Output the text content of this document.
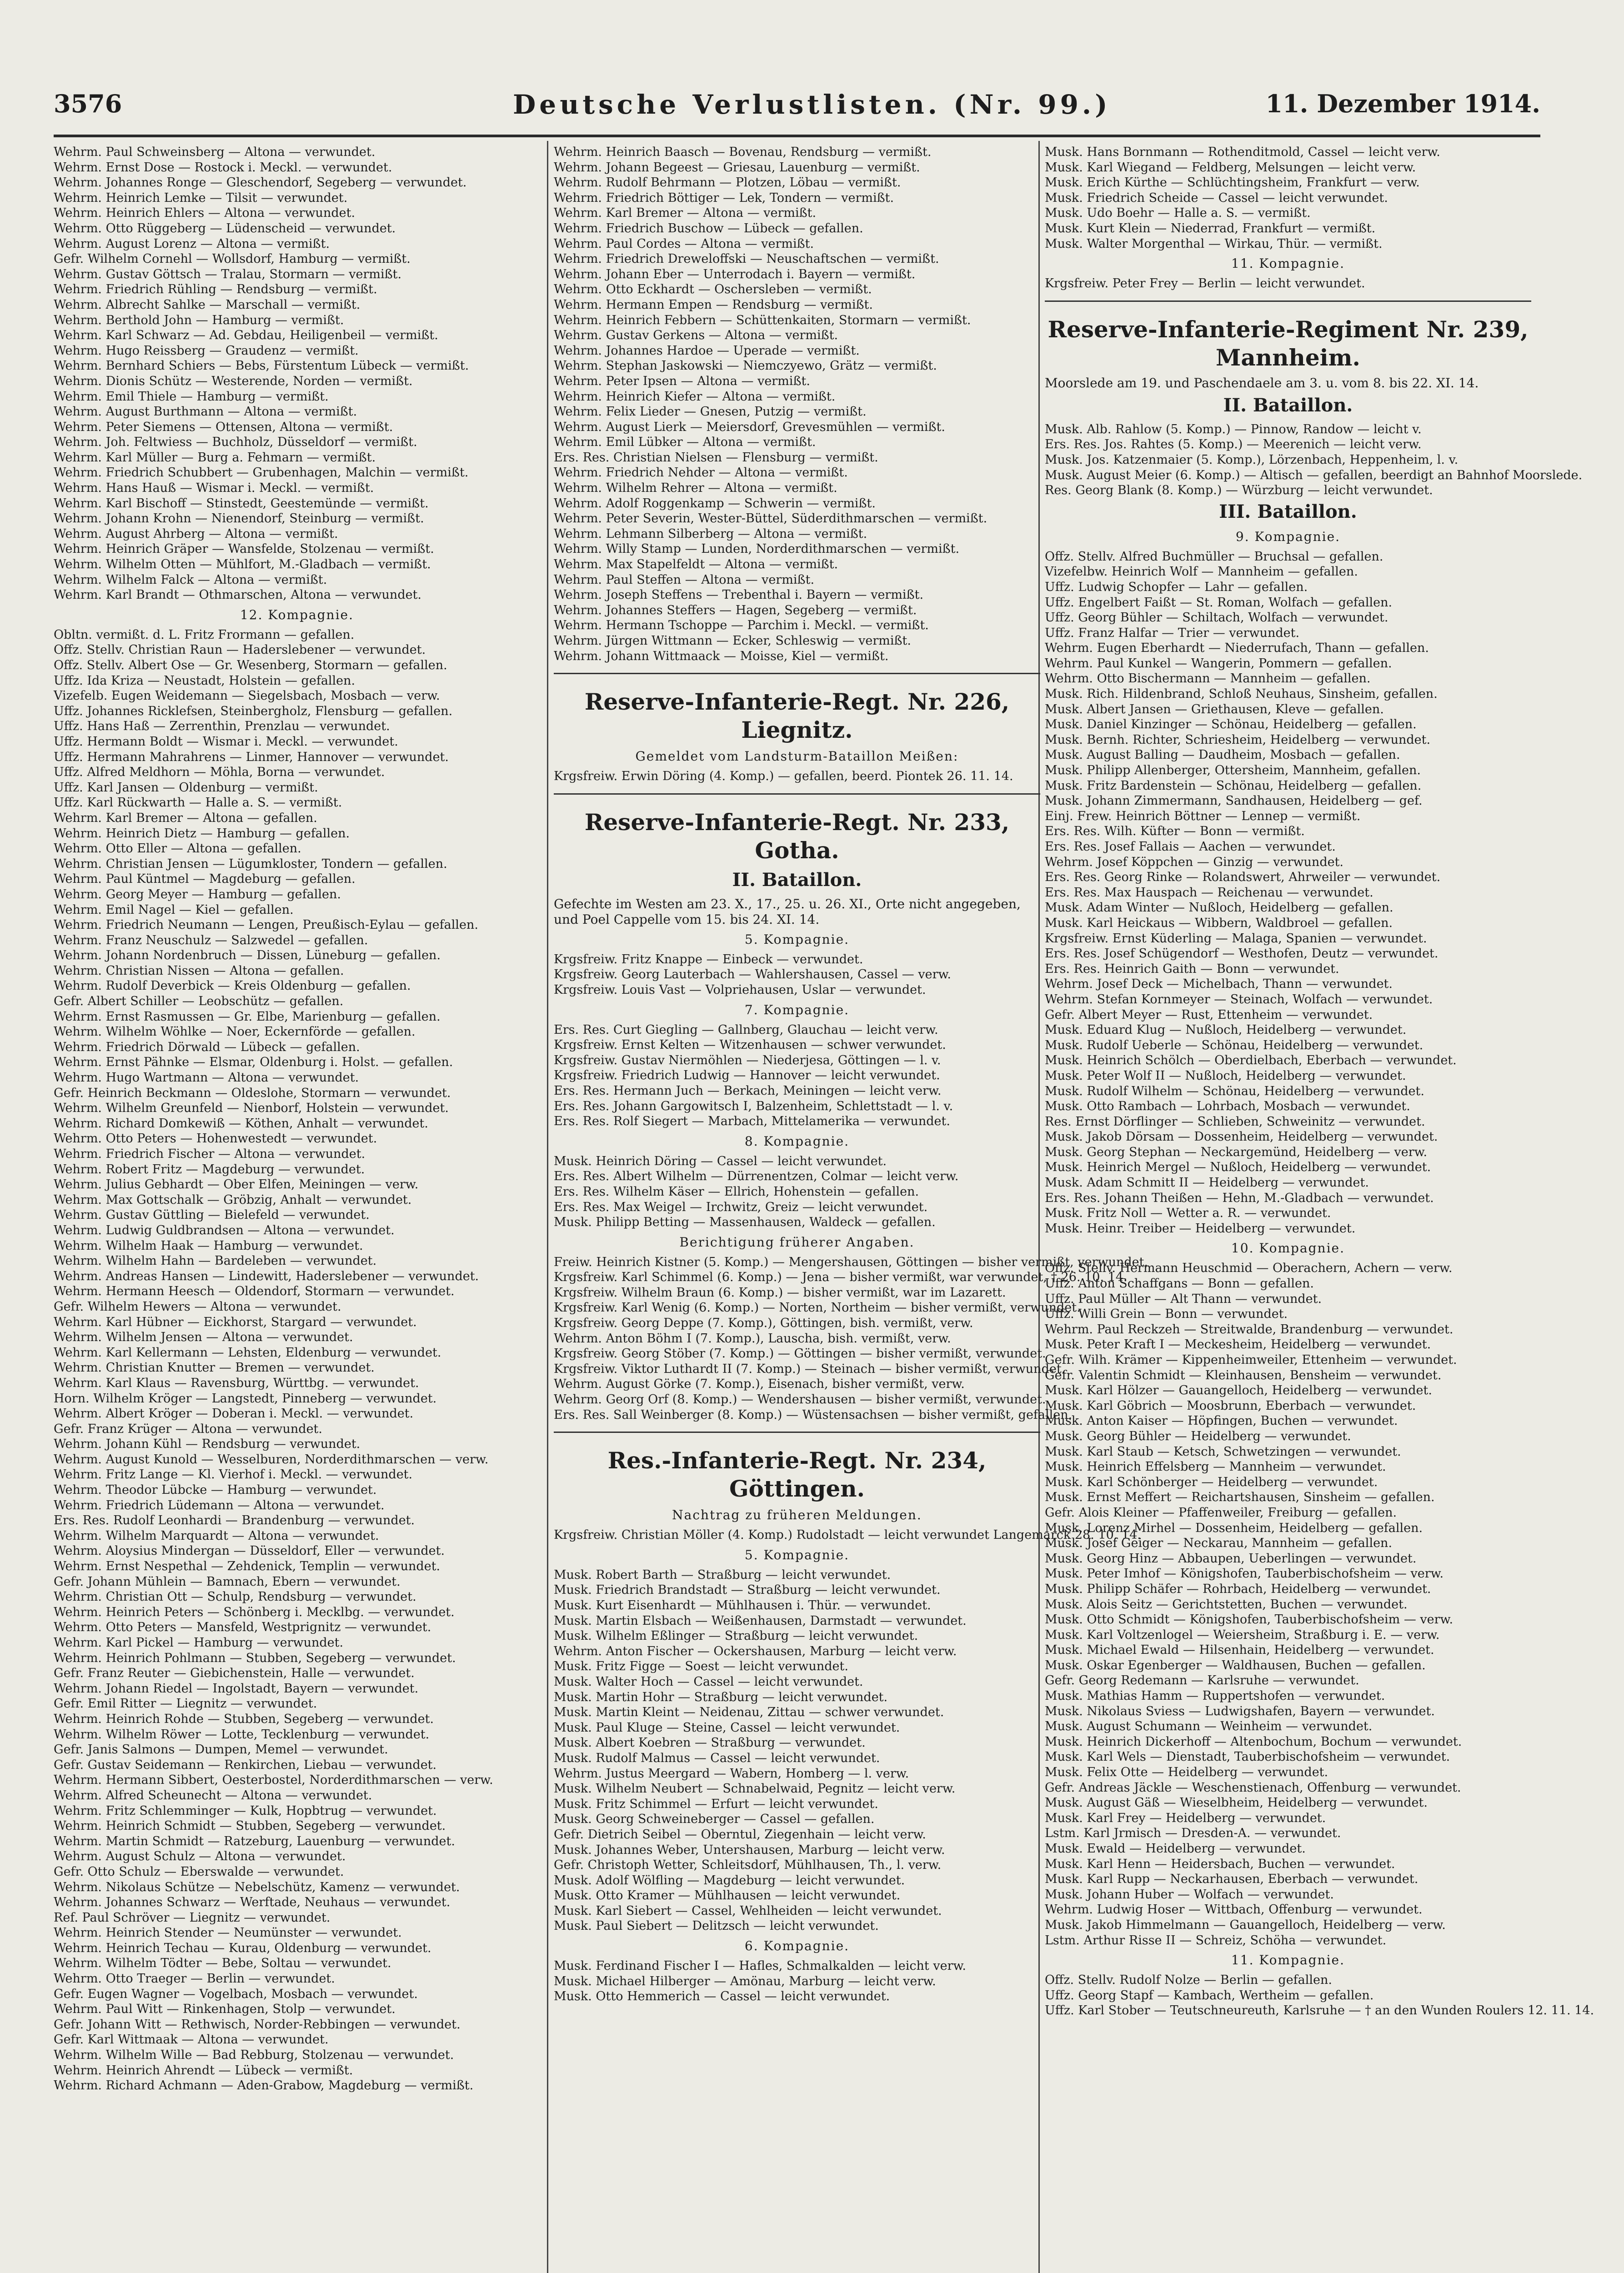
3576	Deutsche Verlustlisten. (Nr. 99.)	11. Dezember 1914.
Wehrm. Paul Schweinsberg — Altona — verwundet.
Wehrm. Ernst Dose — Rostock i. Meckl. — verwundet.
Wehrm. Johannes Ronge — Gleschendorf, Segeberg — verwundet.
Wehrm. Heinrich Lemke — Tilsit — verwundet.
Wehrm. Heinrich Ehlers — Altona — verwundet.
Wehrm. Otto Rüggeberg — Lüdenscheid — verwundet.
Wehrm. August Lorenz — Altona — vermißt.
Gefr. Wilhelm Cornehl — Wollsdorf, Hamburg — vermißt.
Wehrm. Gustav Göttsch — Tralau, Stormarn — vermißt.
Wehrm. Friedrich Rühling — Rendsburg — vermißt.
Wehrm. Albrecht Sahlke — Marschall — vermißt.
Wehrm. Berthold John — Hamburg — vermißt.
Wehrm. Karl Schwarz — Ad. Gebdau, Heiligenbeil — vermißt.
Wehrm. Hugo Reissberg — Graudenz — vermißt.
Wehrm. Bernhard Schiers — Bebs, Fürstentum Lübeck — vermißt.
Wehrm. Dionis Schütz — Westerende, Norden — vermißt.
Wehrm. Emil Thiele — Hamburg — vermißt.
Wehrm. August Burthmann — Altona — vermißt.
Wehrm. Peter Siemens — Ottensen, Altona — vermißt.
Wehrm. Joh. Feltwiess — Buchholz, Düsseldorf — vermißt.
Wehrm. Karl Müller — Burg a. Fehmarn — vermißt.
Wehrm. Friedrich Schubbert — Grubenhagen, Malchin — vermißt.
Wehrm. Hans Hauß — Wismar i. Meckl. — vermißt.
Wehrm. Karl Bischoff — Stinstedt, Geestemünde — vermißt.
Wehrm. Johann Krohn — Nienendorf, Steinburg — vermißt.
Wehrm. August Ahrberg — Altona — vermißt.
Wehrm. Heinrich Gräper — Wansfelde, Stolzenau — vermißt.
Wehrm. Wilhelm Otten — Mühlfort, M.-Gladbach — vermißt.
Wehrm. Wilhelm Falck — Altona — vermißt.
Wehrm. Karl Brandt — Othmarschen, Altona — verwundet.
12. Kompagnie.
Obltn. vermißt. d. L. Fritz Frormann — gefallen.
Offz. Stellv. Christian Raun — Haderslebener — verwundet.
Offz. Stellv. Albert Ose — Gr. Wesenberg, Stormarn — gefallen.
Uffz. Ida Kriza — Neustadt, Holstein — gefallen.
Vizefelb. Eugen Weidemann — Siegelsbach, Mosbach — verw.
Uffz. Johannes Ricklefsen, Steinbergholz, Flensburg — gefallen.
Uffz. Hans Haß — Zerrenthin, Prenzlau — verwundet.
Uffz. Hermann Boldt — Wismar i. Meckl. — verwundet.
Uffz. Hermann Mahrahrens — Linmer, Hannover — verwundet.
Uffz. Alfred Meldhorn — Möhla, Borna — verwundet.
Uffz. Karl Jansen — Oldenburg — vermißt.
Uffz. Karl Rückwarth — Halle a. S. — vermißt.
Wehrm. Karl Bremer — Altona — gefallen.
Wehrm. Heinrich Dietz — Hamburg — gefallen.
Wehrm. Otto Eller — Altona — gefallen.
Wehrm. Christian Jensen — Lügumkloster, Tondern — gefallen.
Wehrm. Paul Küntmel — Magdeburg — gefallen.
Wehrm. Georg Meyer — Hamburg — gefallen.
Wehrm. Emil Nagel — Kiel — gefallen.
Wehrm. Friedrich Neumann — Lengen, Preußisch-Eylau — gefallen.
Wehrm. Franz Neuschulz — Salzwedel — gefallen.
Wehrm. Johann Nordenbruch — Dissen, Lüneburg — gefallen.
Wehrm. Christian Nissen — Altona — gefallen.
Wehrm. Rudolf Deverbick — Kreis Oldenburg — gefallen.
Gefr. Albert Schiller — Leobschütz — gefallen.
Wehrm. Ernst Rasmussen — Gr. Elbe, Marienburg — gefallen.
Wehrm. Wilhelm Wöhlke — Noer, Eckernförde — gefallen.
Wehrm. Friedrich Dörwald — Lübeck — gefallen.
Wehrm. Ernst Pähnke — Elsmar, Oldenburg i. Holst. — gefallen.
Wehrm. Hugo Wartmann — Altona — verwundet.
Gefr. Heinrich Beckmann — Oldeslohe, Stormarn — verwundet.
Wehrm. Wilhelm Greunfeld — Nienborf, Holstein — verwundet.
Wehrm. Richard Domkewiß — Köthen, Anhalt — verwundet.
Wehrm. Otto Peters — Hohenwestedt — verwundet.
Wehrm. Friedrich Fischer — Altona — verwundet.
Wehrm. Robert Fritz — Magdeburg — verwundet.
Wehrm. Julius Gebhardt — Ober Elfen, Meiningen — verw.
Wehrm. Max Gottschalk — Gröbzig, Anhalt — verwundet.
Wehrm. Gustav Güttling — Bielefeld — verwundet.
Wehrm. Ludwig Guldbrandsen — Altona — verwundet.
Wehrm. Wilhelm Haak — Hamburg — verwundet.
Wehrm. Wilhelm Hahn — Bardeleben — verwundet.
Wehrm. Andreas Hansen — Lindewitt, Haderslebener — verwundet.
Wehrm. Hermann Heesch — Oldendorf, Stormarn — verwundet.
Gefr. Wilhelm Hewers — Altona — verwundet.
Wehrm. Karl Hübner — Eickhorst, Stargard — verwundet.
Wehrm. Wilhelm Jensen — Altona — verwundet.
Wehrm. Karl Kellermann — Lehsten, Eldenburg — verwundet.
Wehrm. Christian Knutter — Bremen — verwundet.
Wehrm. Karl Klaus — Ravensburg, Württbg. — verwundet.
Horn. Wilhelm Kröger — Langstedt, Pinneberg — verwundet.
Wehrm. Albert Kröger — Doberan i. Meckl. — verwundet.
Gefr. Franz Krüger — Altona — verwundet.
Wehrm. Johann Kühl — Rendsburg — verwundet.
Wehrm. August Kunold — Wesselburen, Norderdithmarschen — verw.
Wehrm. Fritz Lange — Kl. Vierhof i. Meckl. — verwundet.
Wehrm. Theodor Lübcke — Hamburg — verwundet.
Wehrm. Friedrich Lüdemann — Altona — verwundet.
Ers. Res. Rudolf Leonhardi — Brandenburg — verwundet.
Wehrm. Wilhelm Marquardt — Altona — verwundet.
Wehrm. Aloysius Mindergan — Düsseldorf, Eller — verwundet.
Wehrm. Ernst Nespethal — Zehdenick, Templin — verwundet.
Gefr. Johann Mühlein — Bamnach, Ebern — verwundet.
Wehrm. Christian Ott — Schulp, Rendsburg — verwundet.
Wehrm. Heinrich Peters — Schönberg i. Mecklbg. — verwundet.
Wehrm. Otto Peters — Mansfeld, Westprignitz — verwundet.
Wehrm. Karl Pickel — Hamburg — verwundet.
Wehrm. Heinrich Pohlmann — Stubben, Segeberg — verwundet.
Gefr. Franz Reuter — Giebichenstein, Halle — verwundet.
Wehrm. Johann Riedel — Ingolstadt, Bayern — verwundet.
Gefr. Emil Ritter — Liegnitz — verwundet.
Wehrm. Heinrich Rohde — Stubben, Segeberg — verwundet.
Wehrm. Wilhelm Röwer — Lotte, Tecklenburg — verwundet.
Gefr. Janis Salmons — Dumpen, Memel — verwundet.
Gefr. Gustav Seidemann — Renkirchen, Liebau — verwundet.
Wehrm. Hermann Sibbert, Oesterbostel, Norderdithmarschen — verw.
Wehrm. Alfred Scheunecht — Altona — verwundet.
Wehrm. Fritz Schlemminger — Kulk, Hopbtrug — verwundet.
Wehrm. Heinrich Schmidt — Stubben, Segeberg — verwundet.
Wehrm. Martin Schmidt — Ratzeburg, Lauenburg — verwundet.
Wehrm. August Schulz — Altona — verwundet.
Gefr. Otto Schulz — Eberswalde — verwundet.
Wehrm. Nikolaus Schütze — Nebelschütz, Kamenz — verwundet.
Wehrm. Johannes Schwarz — Werftade, Neuhaus — verwundet.
Ref. Paul Schröver — Liegnitz — verwundet.
Wehrm. Heinrich Stender — Neumünster — verwundet.
Wehrm. Heinrich Techau — Kurau, Oldenburg — verwundet.
Wehrm. Wilhelm Tödter — Bebe, Soltau — verwundet.
Wehrm. Otto Traeger — Berlin — verwundet.
Gefr. Eugen Wagner — Vogelbach, Mosbach — verwundet.
Wehrm. Paul Witt — Rinkenhagen, Stolp — verwundet.
Gefr. Johann Witt — Rethwisch, Norder-Rebbingen — verwundet.
Gefr. Karl Wittmaak — Altona — verwundet.
Wehrm. Wilhelm Wille — Bad Rebburg, Stolzenau — verwundet.
Wehrm. Heinrich Ahrendt — Lübeck — vermißt.
Wehrm. Richard Achmann — Aden-Grabow, Magdeburg — vermißt.
Wehrm. Heinrich Baasch — Bovenau, Rendsburg — vermißt.
Wehrm. Johann Begeest — Griesau, Lauenburg — vermißt.
Wehrm. Rudolf Behrmann — Plotzen, Löbau — vermißt.
Wehrm. Friedrich Böttiger — Lek, Tondern — vermißt.
Wehrm. Karl Bremer — Altona — vermißt.
Wehrm. Friedrich Buschow — Lübeck — gefallen.
Wehrm. Paul Cordes — Altona — vermißt.
Wehrm. Friedrich Dreweloffski — Neuschaftschen — vermißt.
Wehrm. Johann Eber — Unterrodach i. Bayern — vermißt.
Wehrm. Otto Eckhardt — Oschersleben — vermißt.
Wehrm. Hermann Empen — Rendsburg — vermißt.
Wehrm. Heinrich Febbern — Schüttenkaiten, Stormarn — vermißt.
Wehrm. Gustav Gerkens — Altona — vermißt.
Wehrm. Johannes Hardoe — Uperade — vermißt.
Wehrm. Stephan Jaskowski — Niemczyewo, Grätz — vermißt.
Wehrm. Peter Ipsen — Altona — vermißt.
Wehrm. Heinrich Kiefer — Altona — vermißt.
Wehrm. Felix Lieder — Gnesen, Putzig — vermißt.
Wehrm. August Lierk — Meiersdorf, Grevesmühlen — vermißt.
Wehrm. Emil Lübker — Altona — vermißt.
Ers. Res. Christian Nielsen — Flensburg — vermißt.
Wehrm. Friedrich Nehder — Altona — vermißt.
Wehrm. Wilhelm Rehrer — Altona — vermißt.
Wehrm. Adolf Roggenkamp — Schwerin — vermißt.
Wehrm. Peter Severin, Wester-Büttel, Süderdithmarschen — vermißt.
Wehrm. Lehmann Silberberg — Altona — vermißt.
Wehrm. Willy Stamp — Lunden, Norderdithmarschen — vermißt.
Wehrm. Max Stapelfeldt — Altona — vermißt.
Wehrm. Paul Steffen — Altona — vermißt.
Wehrm. Joseph Steffens — Trebenthal i. Bayern — vermißt.
Wehrm. Johannes Steffers — Hagen, Segeberg — vermißt.
Wehrm. Hermann Tschoppe — Parchim i. Meckl. — vermißt.
Wehrm. Jürgen Wittmann — Ecker, Schleswig — vermißt.
Wehrm. Johann Wittmaack — Moisse, Kiel — vermißt.
Reserve-Infanterie-Regt. Nr. 226, Liegnitz.
Gemeldet vom Landsturm-Bataillon Meißen:
Krgsfreiw. Erwin Döring (4. Komp.) — gefallen, beerd. Piontek 26. 11. 14.
Reserve-Infanterie-Regt. Nr. 233, Gotha.
II. Bataillon.
Gefechte im Westen am 23. X., 17., 25. u. 26. XI., Orte nicht angegeben, und Poel Cappelle vom 15. bis 24. XI. 14.
5. Kompagnie.
Krgsfreiw. Fritz Knappe — Einbeck — verwundet.
Krgsfreiw. Georg Lauterbach — Wahlershausen, Cassel — verw.
Krgsfreiw. Louis Vast — Volpriehausen, Uslar — verwundet.
7. Kompagnie.
Ers. Res. Curt Giegling — Gallnberg, Glauchau — leicht verw.
Krgsfreiw. Ernst Kelten — Witzenhausen — schwer verwundet.
Krgsfreiw. Gustav Niermöhlen — Niederjesa, Göttingen — l. v.
Krgsfreiw. Friedrich Ludwig — Hannover — leicht verwundet.
Ers. Res. Hermann Juch — Berkach, Meiningen — leicht verw.
Ers. Res. Johann Gargowitsch I, Balzenheim, Schlettstadt — l. v.
Ers. Res. Rolf Siegert — Marbach, Mittelamerika — verwundet.
8. Kompagnie.
Musk. Heinrich Döring — Cassel — leicht verwundet.
Ers. Res. Albert Wilhelm — Dürrenentzen, Colmar — leicht verw.
Ers. Res. Wilhelm Käser — Ellrich, Hohenstein — gefallen.
Ers. Res. Max Weigel — Irchwitz, Greiz — leicht verwundet.
Musk. Philipp Betting — Massenhausen, Waldeck — gefallen.
Berichtigung früherer Angaben.
Freiw. Heinrich Kistner (5. Komp.) — Mengershausen, Göttingen — bisher vermißt, verwundet.
Krgsfreiw. Karl Schimmel (6. Komp.) — Jena — bisher vermißt, war verwundet, † 26. 10. 14.
Krgsfreiw. Wilhelm Braun (6. Komp.) — bisher vermißt, war im Lazarett.
Krgsfreiw. Karl Wenig (6. Komp.) — Norten, Northeim — bisher vermißt, verwundet.
Krgsfreiw. Georg Deppe (7. Komp.), Göttingen, bish. vermißt, verw.
Wehrm. Anton Böhm I (7. Komp.), Lauscha, bish. vermißt, verw.
Krgsfreiw. Georg Stöber (7. Komp.) — Göttingen — bisher vermißt, verwundet.
Krgsfreiw. Viktor Luthardt II (7. Komp.) — Steinach — bisher vermißt, verwundet.
Wehrm. August Görke (7. Komp.), Eisenach, bisher vermißt, verw.
Wehrm. Georg Orf (8. Komp.) — Wendershausen — bisher vermißt, verwundet.
Ers. Res. Sall Weinberger (8. Komp.) — Wüstensachsen — bisher vermißt, gefallen.
Res.-Infanterie-Regt. Nr. 234, Göttingen.
Nachtrag zu früheren Meldungen.
Krgsfreiw. Christian Möller (4. Komp.) Rudolstadt — leicht verwundet Langemarck 28. 10. 14.
5. Kompagnie.
Musk. Robert Barth — Straßburg — leicht verwundet.
Musk. Friedrich Brandstadt — Straßburg — leicht verwundet.
Musk. Kurt Eisenhardt — Mühlhausen i. Thür. — verwundet.
Musk. Martin Elsbach — Weißenhausen, Darmstadt — verwundet.
Musk. Wilhelm Eßlinger — Straßburg — leicht verwundet.
Wehrm. Anton Fischer — Ockershausen, Marburg — leicht verw.
Musk. Fritz Figge — Soest — leicht verwundet.
Musk. Walter Hoch — Cassel — leicht verwundet.
Musk. Martin Hohr — Straßburg — leicht verwundet.
Musk. Martin Kleint — Neidenau, Zittau — schwer verwundet.
Musk. Paul Kluge — Steine, Cassel — leicht verwundet.
Musk. Albert Koebren — Straßburg — verwundet.
Musk. Rudolf Malmus — Cassel — leicht verwundet.
Wehrm. Justus Meergard — Wabern, Homberg — l. verw.
Musk. Wilhelm Neubert — Schnabelwaid, Pegnitz — leicht verw.
Musk. Fritz Schimmel — Erfurt — leicht verwundet.
Musk. Georg Schweineberger — Cassel — gefallen.
Gefr. Dietrich Seibel — Oberntul, Ziegenhain — leicht verw.
Musk. Johannes Weber, Untershausen, Marburg — leicht verw.
Gefr. Christoph Wetter, Schleitsdorf, Mühlhausen, Th., l. verw.
Musk. Adolf Wölfling — Magdeburg — leicht verwundet.
Musk. Otto Kramer — Mühlhausen — leicht verwundet.
Musk. Karl Siebert — Cassel, Wehlheiden — leicht verwundet.
Musk. Paul Siebert — Delitzsch — leicht verwundet.
6. Kompagnie.
Musk. Ferdinand Fischer I — Hafles, Schmalkalden — leicht verw.
Musk. Michael Hilberger — Amönau, Marburg — leicht verw.
Musk. Otto Hemmerich — Cassel — leicht verwundet.
Musk. Hans Bornmann — Rothenditmold, Cassel — leicht verw.
Musk. Karl Wiegand — Feldberg, Melsungen — leicht verw.
Musk. Erich Kürthe — Schlüchtingsheim, Frankfurt — verw.
Musk. Friedrich Scheide — Cassel — leicht verwundet.
Musk. Udo Boehr — Halle a. S. — vermißt.
Musk. Kurt Klein — Niederrad, Frankfurt — vermißt.
Musk. Walter Morgenthal — Wirkau, Thür. — vermißt.
11. Kompagnie.
Krgsfreiw. Peter Frey — Berlin — leicht verwundet.
Reserve-Infanterie-Regiment Nr. 239, Mannheim.
Moorslede am 19. und Paschendaele am 3. u. vom 8. bis 22. XI. 14.
II. Bataillon.
Musk. Alb. Rahlow (5. Komp.) — Pinnow, Randow — leicht v.
Ers. Res. Jos. Rahtes (5. Komp.) — Meerenich — leicht verw.
Musk. Jos. Katzenmaier (5. Komp.), Lörzenbach, Heppenheim, l. v.
Musk. August Meier (6. Komp.) — Altisch — gefallen, beerdigt an Bahnhof Moorslede.
Res. Georg Blank (8. Komp.) — Würzburg — leicht verwundet.
III. Bataillon.
9. Kompagnie.
Offz. Stellv. Alfred Buchmüller — Bruchsal — gefallen.
Vizefelbw. Heinrich Wolf — Mannheim — gefallen.
Uffz. Ludwig Schopfer — Lahr — gefallen.
Uffz. Engelbert Faißt — St. Roman, Wolfach — gefallen.
Uffz. Georg Bühler — Schiltach, Wolfach — verwundet.
Uffz. Franz Halfar — Trier — verwundet.
Wehrm. Eugen Eberhardt — Niederrufach, Thann — gefallen.
Wehrm. Paul Kunkel — Wangerin, Pommern — gefallen.
Wehrm. Otto Bischermann — Mannheim — gefallen.
Musk. Rich. Hildenbrand, Schloß Neuhaus, Sinsheim, gefallen.
Musk. Albert Jansen — Griethausen, Kleve — gefallen.
Musk. Daniel Kinzinger — Schönau, Heidelberg — gefallen.
Musk. Bernh. Richter, Schriesheim, Heidelberg — verwundet.
Musk. August Balling — Daudheim, Mosbach — gefallen.
Musk. Philipp Allenberger, Ottersheim, Mannheim, gefallen.
Musk. Fritz Bardenstein — Schönau, Heidelberg — gefallen.
Musk. Johann Zimmermann, Sandhausen, Heidelberg — gef.
Einj. Frew. Heinrich Böttner — Lennep — vermißt.
Ers. Res. Wilh. Küfter — Bonn — vermißt.
Ers. Res. Josef Fallais — Aachen — verwundet.
Wehrm. Josef Köppchen — Ginzig — verwundet.
Ers. Res. Georg Rinke — Rolandswert, Ahrweiler — verwundet.
Ers. Res. Max Hauspach — Reichenau — verwundet.
Musk. Adam Winter — Nußloch, Heidelberg — gefallen.
Musk. Karl Heickaus — Wibbern, Waldbroel — gefallen.
Krgsfreiw. Ernst Küderling — Malaga, Spanien — verwundet.
Ers. Res. Josef Schügendorf — Westhofen, Deutz — verwundet.
Ers. Res. Heinrich Gaith — Bonn — verwundet.
Wehrm. Josef Deck — Michelbach, Thann — verwundet.
Wehrm. Stefan Kornmeyer — Steinach, Wolfach — verwundet.
Gefr. Albert Meyer — Rust, Ettenheim — verwundet.
Musk. Eduard Klug — Nußloch, Heidelberg — verwundet.
Musk. Rudolf Ueberle — Schönau, Heidelberg — verwundet.
Musk. Heinrich Schölch — Oberdielbach, Eberbach — verwundet.
Musk. Peter Wolf II — Nußloch, Heidelberg — verwundet.
Musk. Rudolf Wilhelm — Schönau, Heidelberg — verwundet.
Musk. Otto Rambach — Lohrbach, Mosbach — verwundet.
Res. Ernst Dörflinger — Schlieben, Schweinitz — verwundet.
Musk. Jakob Dörsam — Dossenheim, Heidelberg — verwundet.
Musk. Georg Stephan — Neckargemünd, Heidelberg — verw.
Musk. Heinrich Mergel — Nußloch, Heidelberg — verwundet.
Musk. Adam Schmitt II — Heidelberg — verwundet.
Ers. Res. Johann Theißen — Hehn, M.-Gladbach — verwundet.
Musk. Fritz Noll — Wetter a. R. — verwundet.
Musk. Heinr. Treiber — Heidelberg — verwundet.
10. Kompagnie.
Offz. Stellv. Hermann Heuschmid — Oberachern, Achern — verw.
Uffz. Anton Schaffgans — Bonn — gefallen.
Uffz. Paul Müller — Alt Thann — verwundet.
Uffz. Willi Grein — Bonn — verwundet.
Wehrm. Paul Reckzeh — Streitwalde, Brandenburg — verwundet.
Musk. Peter Kraft I — Meckesheim, Heidelberg — verwundet.
Gefr. Wilh. Krämer — Kippenheimweiler, Ettenheim — verwundet.
Gefr. Valentin Schmidt — Kleinhausen, Bensheim — verwundet.
Musk. Karl Hölzer — Gauangelloch, Heidelberg — verwundet.
Musk. Karl Göbrich — Moosbrunn, Eberbach — verwundet.
Musk. Anton Kaiser — Höpfingen, Buchen — verwundet.
Musk. Georg Bühler — Heidelberg — verwundet.
Musk. Karl Staub — Ketsch, Schwetzingen — verwundet.
Musk. Heinrich Effelsberg — Mannheim — verwundet.
Musk. Karl Schönberger — Heidelberg — verwundet.
Musk. Ernst Meffert — Reichartshausen, Sinsheim — gefallen.
Gefr. Alois Kleiner — Pfaffenweiler, Freiburg — gefallen.
Musk. Lorenz Mirhel — Dossenheim, Heidelberg — gefallen.
Musk. Josef Geiger — Neckarau, Mannheim — gefallen.
Musk. Georg Hinz — Abbaupen, Ueberlingen — verwundet.
Musk. Peter Imhof — Königshofen, Tauberbischofsheim — verw.
Musk. Philipp Schäfer — Rohrbach, Heidelberg — verwundet.
Musk. Alois Seitz — Gerichtstetten, Buchen — verwundet.
Musk. Otto Schmidt — Königshofen, Tauberbischofsheim — verw.
Musk. Karl Voltzenlogel — Weiersheim, Straßburg i. E. — verw.
Musk. Michael Ewald — Hilsenhain, Heidelberg — verwundet.
Musk. Oskar Egenberger — Waldhausen, Buchen — gefallen.
Gefr. Georg Redemann — Karlsruhe — verwundet.
Musk. Mathias Hamm — Ruppertshofen — verwundet.
Musk. Nikolaus Sviess — Ludwigshafen, Bayern — verwundet.
Musk. August Schumann — Weinheim — verwundet.
Musk. Heinrich Dickerhoff — Altenbochum, Bochum — verwundet.
Musk. Karl Wels — Dienstadt, Tauberbischofsheim — verwundet.
Musk. Felix Otte — Heidelberg — verwundet.
Gefr. Andreas Jäckle — Weschenstienach, Offenburg — verwundet.
Musk. August Gäß — Wieselbheim, Heidelberg — verwundet.
Musk. Karl Frey — Heidelberg — verwundet.
Lstm. Karl Jrmisch — Dresden-A. — verwundet.
Musk. Ewald — Heidelberg — verwundet.
Musk. Karl Henn — Heidersbach, Buchen — verwundet.
Musk. Karl Rupp — Neckarhausen, Eberbach — verwundet.
Musk. Johann Huber — Wolfach — verwundet.
Wehrm. Ludwig Hoser — Wittbach, Offenburg — verwundet.
Musk. Jakob Himmelmann — Gauangelloch, Heidelberg — verw.
Lstm. Arthur Risse II — Schreiz, Schöha — verwundet.
11. Kompagnie.
Offz. Stellv. Rudolf Nolze — Berlin — gefallen.
Uffz. Georg Stapf — Kambach, Wertheim — gefallen.
Uffz. Karl Stober — Teutschneureuth, Karlsruhe — † an den Wunden Roulers 12. 11. 14.
